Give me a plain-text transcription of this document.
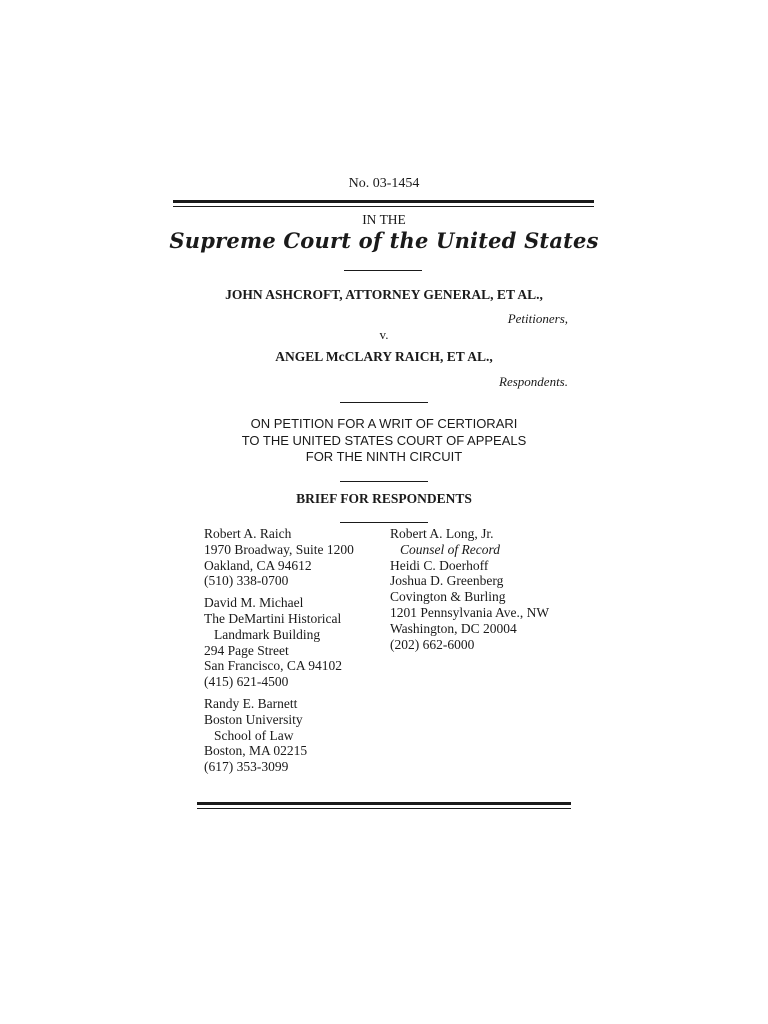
No. 03-1454
IN THE
Supreme Court of the United States
JOHN ASHCROFT, ATTORNEY GENERAL, ET AL.,
Petitioners,
v.
ANGEL McCLARY RAICH, ET AL.,
Respondents.
ON PETITION FOR A WRIT OF CERTIORARI
TO THE UNITED STATES COURT OF APPEALS
FOR THE NINTH CIRCUIT
BRIEF FOR RESPONDENTS
Robert A. Raich
1970 Broadway, Suite 1200
Oakland, CA 94612
(510) 338-0700
David M. Michael
The DeMartini Historical
Landmark Building
294 Page Street
San Francisco, CA 94102
(415) 621-4500
Randy E. Barnett
Boston University
School of Law
Boston, MA 02215
(617) 353-3099
Robert A. Long, Jr.
Counsel of Record
Heidi C. Doerhoff
Joshua D. Greenberg
Covington & Burling
1201 Pennsylvania Ave., NW
Washington, DC 20004
(202) 662-6000
